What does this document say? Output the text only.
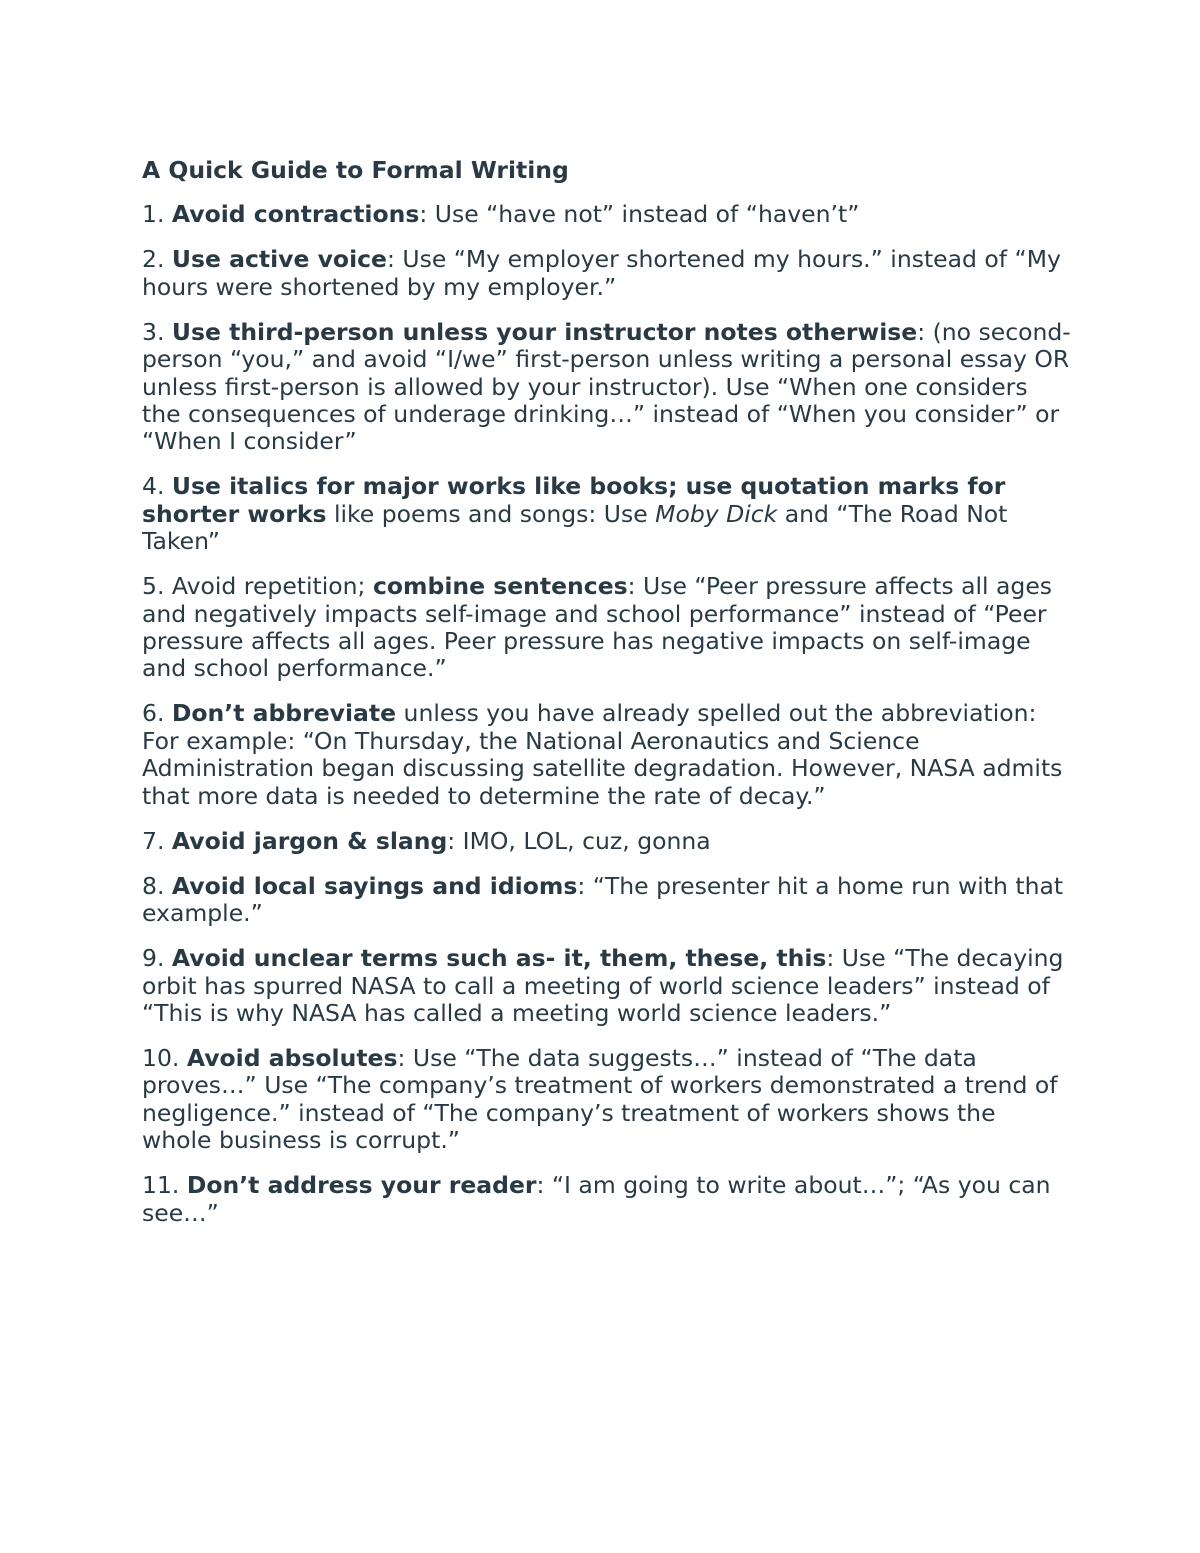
A Quick Guide to Formal Writing

1. Avoid contractions: Use “have not” instead of “haven’t”

2. Use active voice: Use “My employer shortened my hours.” instead of “My hours were shortened by my employer.”

3. Use third-person unless your instructor notes otherwise: (no second-person “you,” and avoid “I/we” first-person unless writing a personal essay OR unless first-person is allowed by your instructor). Use “When one considers the consequences of underage drinking…” instead of “When you consider” or “When I consider”

4. Use italics for major works like books; use quotation marks for shorter works like poems and songs: Use Moby Dick and “The Road Not Taken”

5. Avoid repetition; combine sentences: Use “Peer pressure affects all ages and negatively impacts self-image and school performance” instead of “Peer pressure affects all ages. Peer pressure has negative impacts on self-image and school performance.”

6. Don’t abbreviate unless you have already spelled out the abbreviation: For example: “On Thursday, the National Aeronautics and Science Administration began discussing satellite degradation. However, NASA admits that more data is needed to determine the rate of decay.”

7. Avoid jargon & slang: IMO, LOL, cuz, gonna

8. Avoid local sayings and idioms: “The presenter hit a home run with that example.”

9. Avoid unclear terms such as- it, them, these, this: Use “The decaying orbit has spurred NASA to call a meeting of world science leaders” instead of “This is why NASA has called a meeting world science leaders.”

10. Avoid absolutes: Use “The data suggests…” instead of “The data proves…” Use “The company’s treatment of workers demonstrated a trend of negligence.” instead of “The company’s treatment of workers shows the whole business is corrupt.”

11. Don’t address your reader: “I am going to write about…”; “As you can see…”
